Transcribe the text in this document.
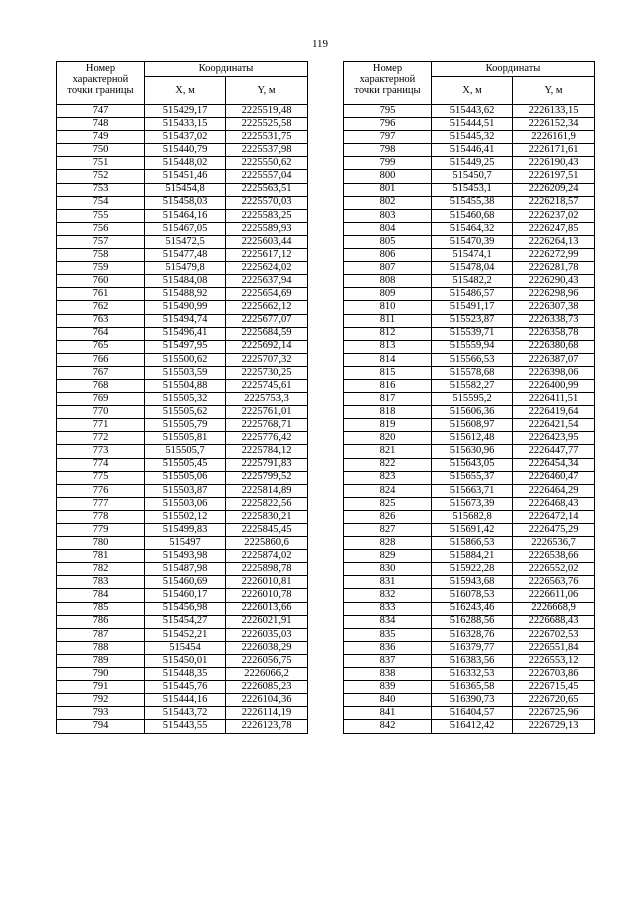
119
Номер
характерной
точки границы	Координаты	
	X, м	Y, м
747	515429,17	2225519,48
748	515433,15	2225525,58
749	515437,02	2225531,75
750	515440,79	2225537,98
751	515448,02	2225550,62
752	515451,46	2225557,04
753	515454,8	2225563,51
754	515458,03	2225570,03
755	515464,16	2225583,25
756	515467,05	2225589,93
757	515472,5	2225603,44
758	515477,48	2225617,12
759	515479,8	2225624,02
760	515484,08	2225637,94
761	515488,92	2225654,69
762	515490,99	2225662,12
763	515494,74	2225677,07
764	515496,41	2225684,59
765	515497,95	2225692,14
766	515500,62	2225707,32
767	515503,59	2225730,25
768	515504,88	2225745,61
769	515505,32	2225753,3
770	515505,62	2225761,01
771	515505,79	2225768,71
772	515505,81	2225776,42
773	515505,7	2225784,12
774	515505,45	2225791,83
775	515505,06	2225799,52
776	515503,87	2225814,89
777	515503,06	2225822,56
778	515502,12	2225830,21
779	515499,83	2225845,45
780	515497	2225860,6
781	515493,98	2225874,02
782	515487,98	2225898,78
783	515460,69	2226010,81
784	515460,17	2226010,78
785	515456,98	2226013,66
786	515454,27	2226021,91
787	515452,21	2226035,03
788	515454	2226038,29
789	515450,01	2226056,75
790	515448,35	2226066,2
791	515445,76	2226085,23
792	515444,16	2226104,36
793	515443,72	2226114,19
794	515443,55	2226123,78
Номер
характерной
точки границы	Координаты	
	X, м	Y, м
795	515443,62	2226133,15
796	515444,51	2226152,34
797	515445,32	2226161,9
798	515446,41	2226171,61
799	515449,25	2226190,43
800	515450,7	2226197,51
801	515453,1	2226209,24
802	515455,38	2226218,57
803	515460,68	2226237,02
804	515464,32	2226247,85
805	515470,39	2226264,13
806	515474,1	2226272,99
807	515478,04	2226281,78
808	515482,2	2226290,43
809	515486,57	2226298,96
810	515491,17	2226307,38
811	515523,87	2226338,73
812	515539,71	2226358,78
813	515559,94	2226380,68
814	515566,53	2226387,07
815	515578,68	2226398,06
816	515582,27	2226400,99
817	515595,2	2226411,51
818	515606,36	2226419,64
819	515608,97	2226421,54
820	515612,48	2226423,95
821	515630,96	2226447,77
822	515643,05	2226454,34
823	515655,37	2226460,47
824	515663,71	2226464,29
825	515673,39	2226468,43
826	515682,8	2226472,14
827	515691,42	2226475,29
828	515866,53	2226536,7
829	515884,21	2226538,66
830	515922,28	2226552,02
831	515943,68	2226563,76
832	516078,53	2226611,06
833	516243,46	2226668,9
834	516288,56	2226688,43
835	516328,76	2226702,53
836	516379,77	2226551,84
837	516383,56	2226553,12
838	516332,53	2226703,86
839	516365,58	2226715,45
840	516390,73	2226720,65
841	516404,57	2226725,96
842	516412,42	2226729,13
